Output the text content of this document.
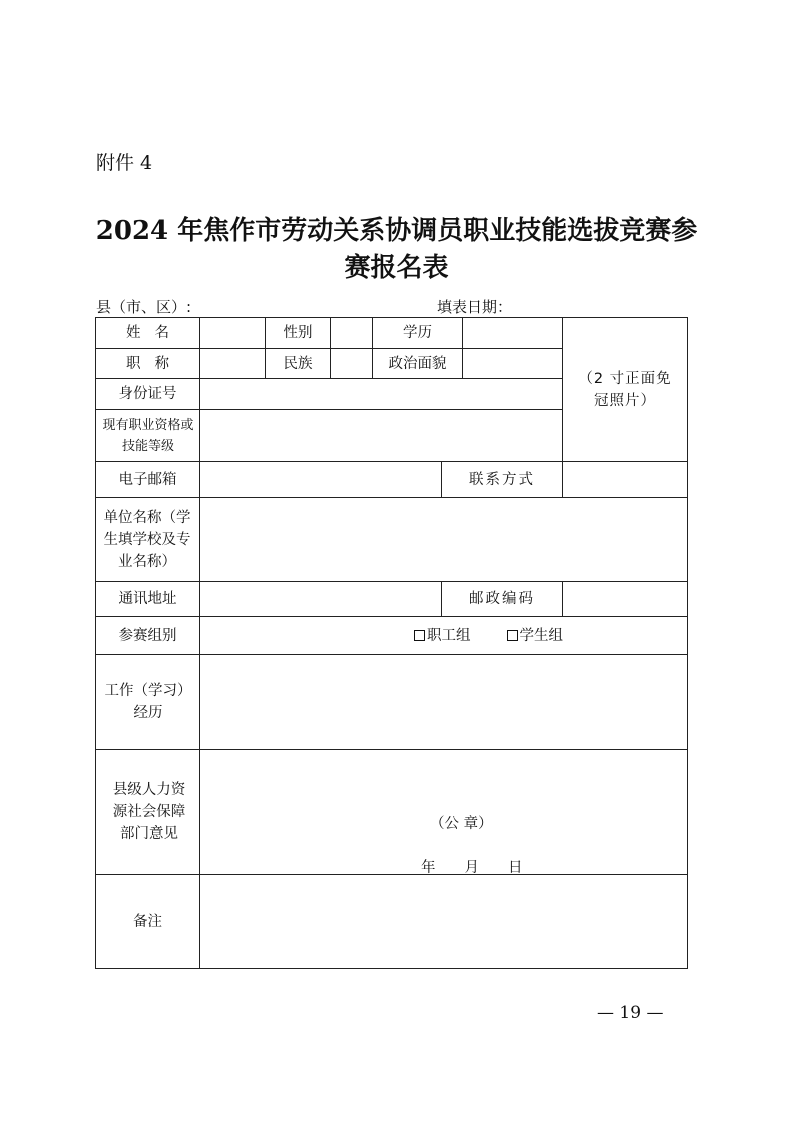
附件 4
2024 年焦作市劳动关系协调员职业技能选拔竞赛参
赛报名表
县（市、区）:	填表日期：
姓名	性别	学历
职称	民族	政治面貌
（2 寸正面免冠照片）
身份证号
现有职业资格或技能等级
电子邮箱	联系方式
单位名称（学生填学校及专业名称）
通讯地址	邮政编码
参赛组别	职工组	学生组
工作（学习）经历
县级人力资源社会保障部门意见
（公 章）
年　　月　　日
备注
— 19 —
